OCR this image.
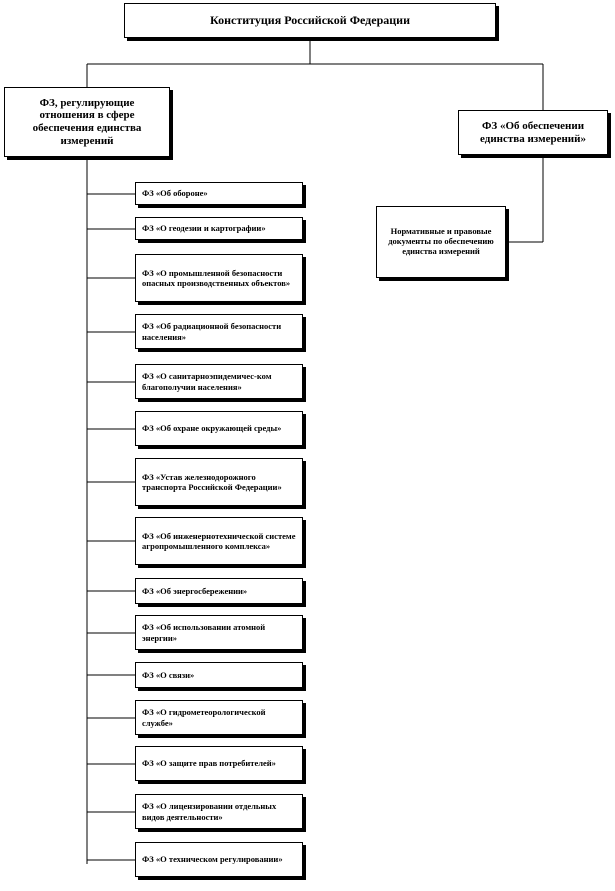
Конституция Российской Федерации
ФЗ, регулирующие отношения в сфере обеспечения единства измерений
ФЗ «Об обеспечении единства измерений»
Нормативные и правовые документы по обеспечению единства измерений
ФЗ «Об обороне»
ФЗ «О геодезии и картографии»
ФЗ «О промышленной безопасности опасных производственных объектов»
ФЗ «Об радиационной безопасности населения»
ФЗ «О санитарноэпидемичес-ком благополучии населения»
ФЗ «Об охране окружающей среды»
ФЗ «Устав железнодорожного транспорта Российской Федерации»
ФЗ «Об инженернотехнической системе агропромышленного комплекса»
ФЗ «Об энергосбережении»
ФЗ «Об использовании атомной энергии»
ФЗ «О связи»
ФЗ «О гидрометеорологической службе»
ФЗ «О защите прав потребителей»
ФЗ «О лицензировании отдельных видов деятельности»
ФЗ «О техническом регулировании»
